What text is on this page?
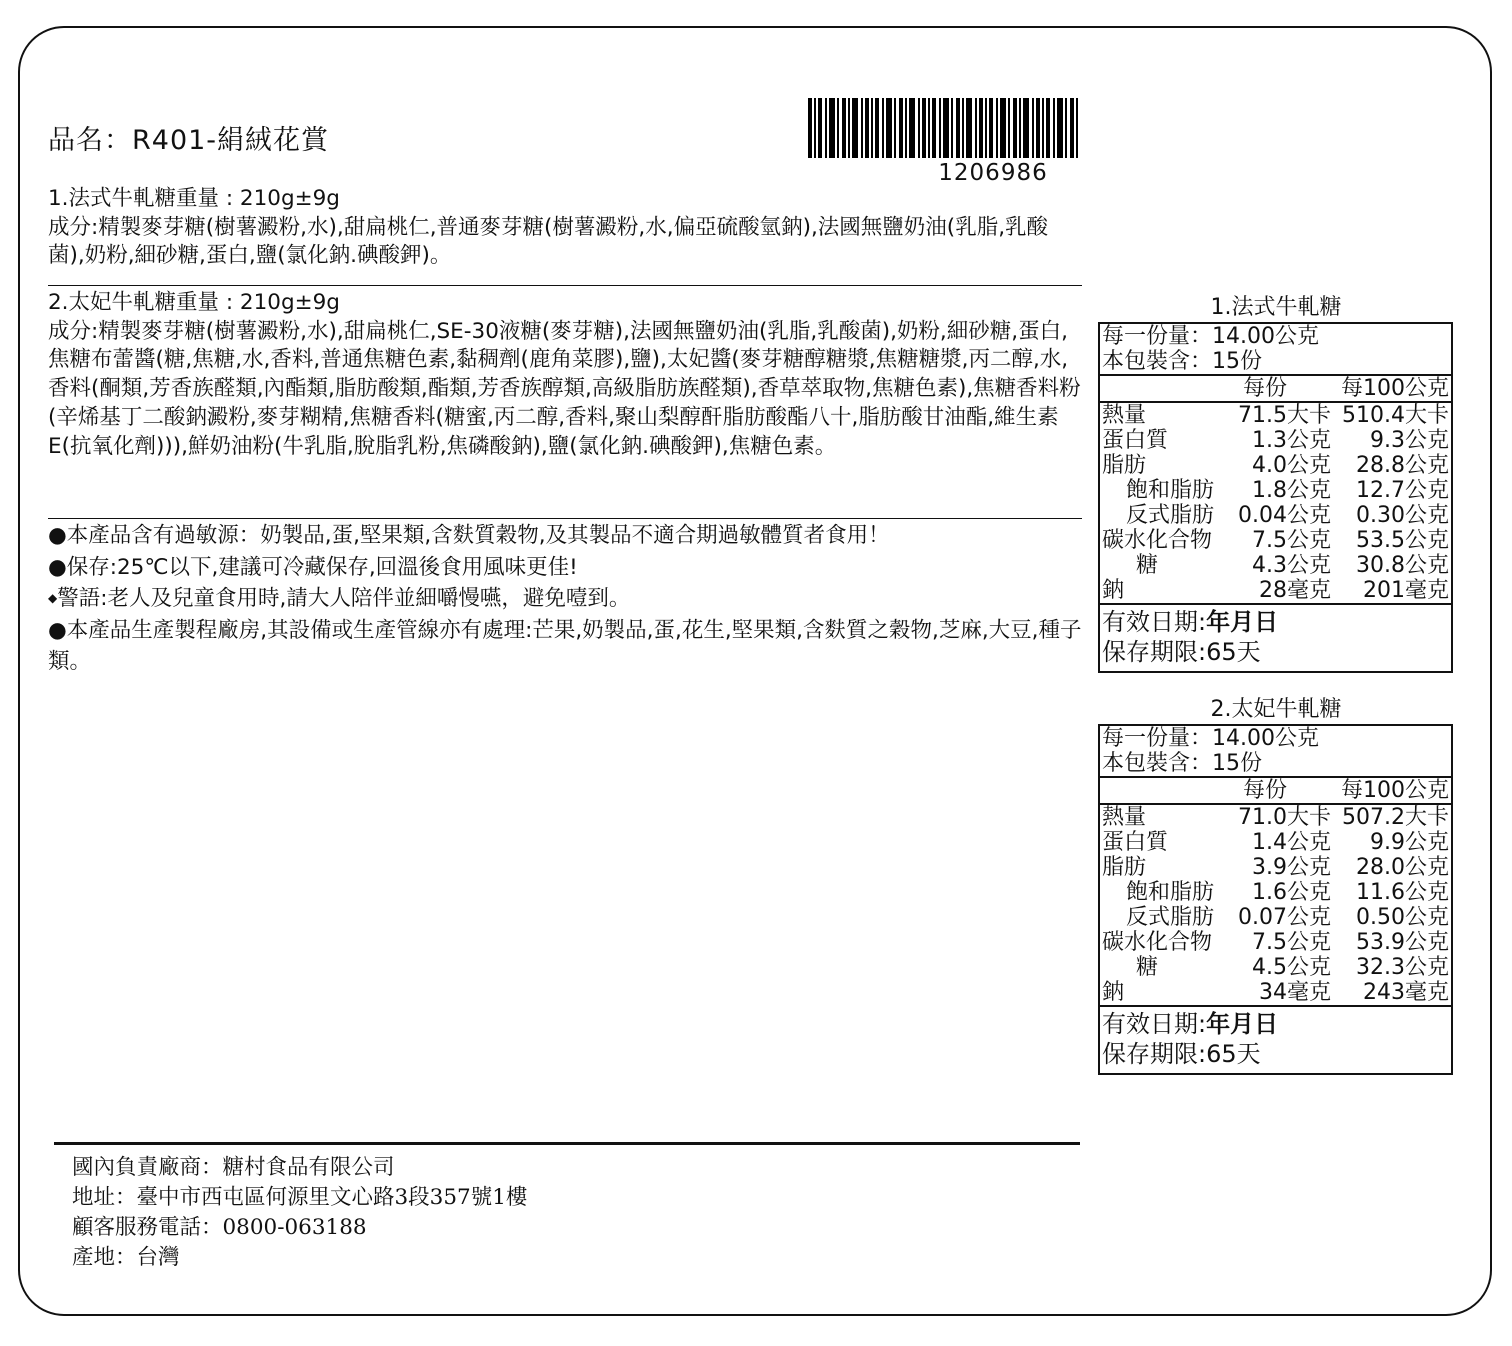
品名：R401-絹絨花賞
1206986
1.法式牛軋糖重量 : 210g±9g
成分:精製麥芽糖(樹薯澱粉,水),甜扁桃仁,普通麥芽糖(樹薯澱粉,水,偏亞硫酸氫鈉),法國無鹽奶油(乳脂,乳酸菌),奶粉,細砂糖,蛋白,鹽(氯化鈉.碘酸鉀)。
2.太妃牛軋糖重量 : 210g±9g
成分:精製麥芽糖(樹薯澱粉,水),甜扁桃仁,SE-30液糖(麥芽糖),法國無鹽奶油(乳脂,乳酸菌),奶粉,細砂糖,蛋白,焦糖布蕾醬(糖,焦糖,水,香料,普通焦糖色素,黏稠劑(鹿角菜膠),鹽),太妃醬(麥芽糖醇糖漿,焦糖糖漿,丙二醇,水,香料(酮類,芳香族醛類,內酯類,脂肪酸類,酯類,芳香族醇類,高級脂肪族醛類),香草萃取物,焦糖色素),焦糖香料粉(辛烯基丁二酸鈉澱粉,麥芽糊精,焦糖香料(糖蜜,丙二醇,香料,聚山梨醇酐脂肪酸酯八十,脂肪酸甘油酯,維生素E(抗氧化劑))),鮮奶油粉(牛乳脂,脫脂乳粉,焦磷酸鈉),鹽(氯化鈉.碘酸鉀),焦糖色素。
●本產品含有過敏源：奶製品,蛋,堅果類,含麩質穀物,及其製品不適合期過敏體質者食用！
●保存:25℃以下,建議可冷藏保存,回溫後食用風味更佳!
◆警語:老人及兒童食用時,請大人陪伴並細嚼慢嚥，避免噎到。
●本產品生產製程廠房,其設備或生產管線亦有處理:芒果,奶製品,蛋,花生,堅果類,含麩質之穀物,芝麻,大豆,種子類。
1.法式牛軋糖
每一份量：14.00公克
本包裝含：15份
每份	每100公克
熱量	71.5大卡 510.4大卡
蛋白質	1.3公克	9.3公克
脂肪	4.0公克	28.8公克
飽和脂肪	1.8公克	12.7公克
反式脂肪	0.04公克	0.30公克
碳水化合物	7.5公克	53.5公克
糖	4.3公克	30.8公克
鈉	28毫克	201毫克
有效日期:年月日
保存期限:65天
2.太妃牛軋糖
每一份量：14.00公克
本包裝含：15份
每份	每100公克
熱量	71.0大卡 507.2大卡
蛋白質	1.4公克	9.9公克
脂肪	3.9公克	28.0公克
飽和脂肪	1.6公克	11.6公克
反式脂肪	0.07公克	0.50公克
碳水化合物	7.5公克	53.9公克
糖	4.5公克	32.3公克
鈉	34毫克	243毫克
有效日期:年月日
保存期限:65天
國內負責廠商：糖村食品有限公司
地址：臺中市西屯區何源里文心路3段357號1樓
顧客服務電話：0800-063188
產地：台灣
